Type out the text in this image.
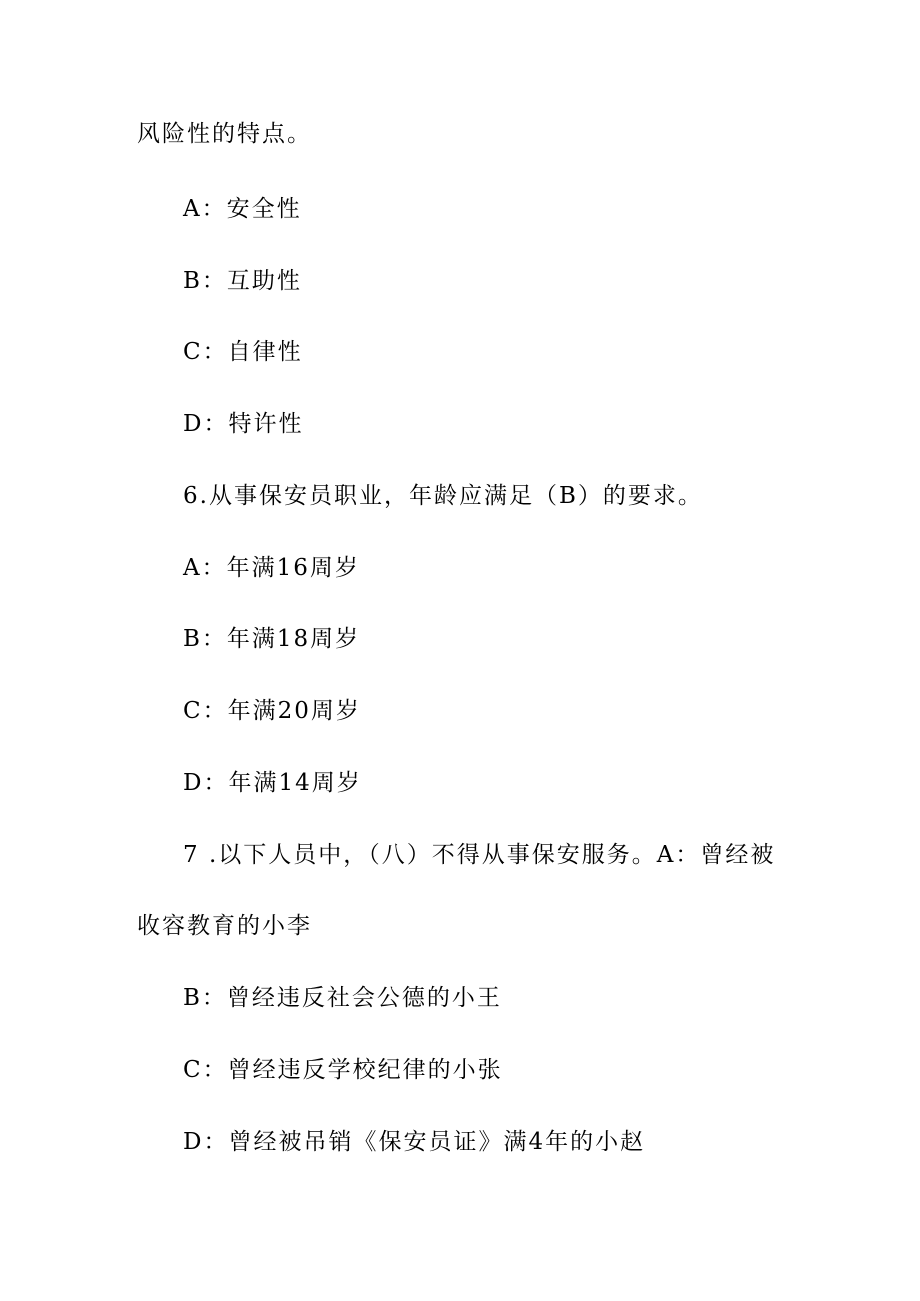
风险性的特点。
A：安全性
B：互助性
C：自律性
D：特许性
6.从事保安员职业，年龄应满足（B）的要求。
A：年满16周岁
B：年满18周岁
C：年满20周岁
D：年满14周岁
7 .以下人员中，（八）不得从事保安服务。A：曾经被
收容教育的小李
B：曾经违反社会公德的小王
C：曾经违反学校纪律的小张
D：曾经被吊销《保安员证》满4年的小赵
